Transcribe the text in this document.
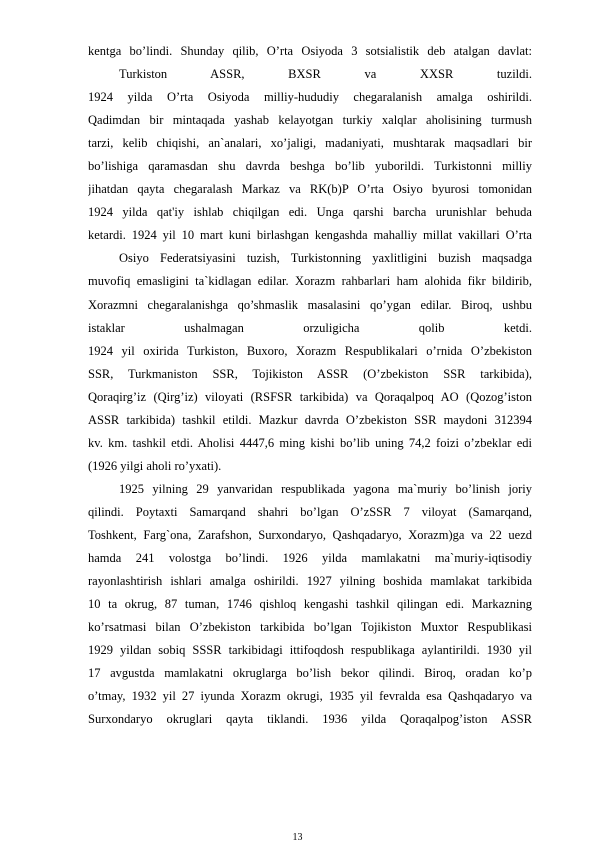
kentga bo’lindi. Shunday qilib, O’rta Osiyoda 3 sotsialistik deb atalgan davlat:
Turkiston ASSR, BXSR va XXSR tuzildi.
1924 yilda O’rta Osiyoda milliy-hududiy chegaralanish amalga oshirildi.
Qadimdan bir mintaqada yashab kelayotgan turkiy xalqlar aholisining turmush
tarzi, kelib chiqishi, an`analari, xo’jaligi, madaniyati, mushtarak maqsadlari bir
bo’lishiga qaramasdan shu davrda beshga bo’lib yuborildi. Turkistonni milliy
jihatdan qayta chegaralash Markaz va RK(b)P O’rta Osiyo byurosi tomonidan
1924 yilda qat'iy ishlab chiqilgan edi. Unga qarshi barcha urunishlar behuda
ketardi. 1924 yil 10 mart kuni birlashgan kengashda mahalliy millat vakillari O’rta
Osiyo Federatsiyasini tuzish, Turkistonning yaxlitligini buzish maqsadga
muvofiq emasligini ta`kidlagan edilar. Xorazm rahbarlari ham alohida fikr bildirib,
Xorazmni chegaralanishga qo’shmaslik masalasini qo’ygan edilar. Biroq, ushbu
istaklar ushalmagan orzuligicha qolib ketdi.
1924 yil oxirida Turkiston, Buxoro, Xorazm Respublikalari o’rnida O’zbekiston
SSR, Turkmaniston SSR, Tojikiston ASSR (O’zbekiston SSR tarkibida),
Qoraqirg’iz (Qirg’iz) viloyati (RSFSR tarkibida) va Qoraqalpoq AO (Qozog’iston
ASSR tarkibida) tashkil etildi. Mazkur davrda O’zbekiston SSR maydoni 312394
kv. km. tashkil etdi. Aholisi 4447,6 ming kishi bo’lib uning 74,2 foizi o’zbeklar edi
(1926 yilgi aholi ro’yxati).
1925 yilning 29 yanvaridan respublikada yagona ma`muriy bo’linish joriy
qilindi. Poytaxti Samarqand shahri bo’lgan O’zSSR 7 viloyat (Samarqand,
Toshkent, Farg`ona, Zarafshon, Surxondaryo, Qashqadaryo, Xorazm)ga va 22 uezd
hamda 241 volostga bo’lindi. 1926 yilda mamlakatni ma`muriy-iqtisodiy
rayonlashtirish ishlari amalga oshirildi. 1927 yilning boshida mamlakat tarkibida
10 ta okrug, 87 tuman, 1746 qishloq kengashi tashkil qilingan edi. Markazning
ko’rsatmasi bilan O’zbekiston tarkibida bo’lgan Tojikiston Muxtor Respublikasi
1929 yildan sobiq SSSR tarkibidagi ittifoqdosh respublikaga aylantirildi. 1930 yil
17 avgustda mamlakatni okruglarga bo’lish bekor qilindi. Biroq, oradan ko’p
o’tmay, 1932 yil 27 iyunda Xorazm okrugi, 1935 yil fevralda esa Qashqadaryo va
Surxondaryo okruglari qayta tiklandi. 1936 yilda Qoraqalpog’iston ASSR
13
